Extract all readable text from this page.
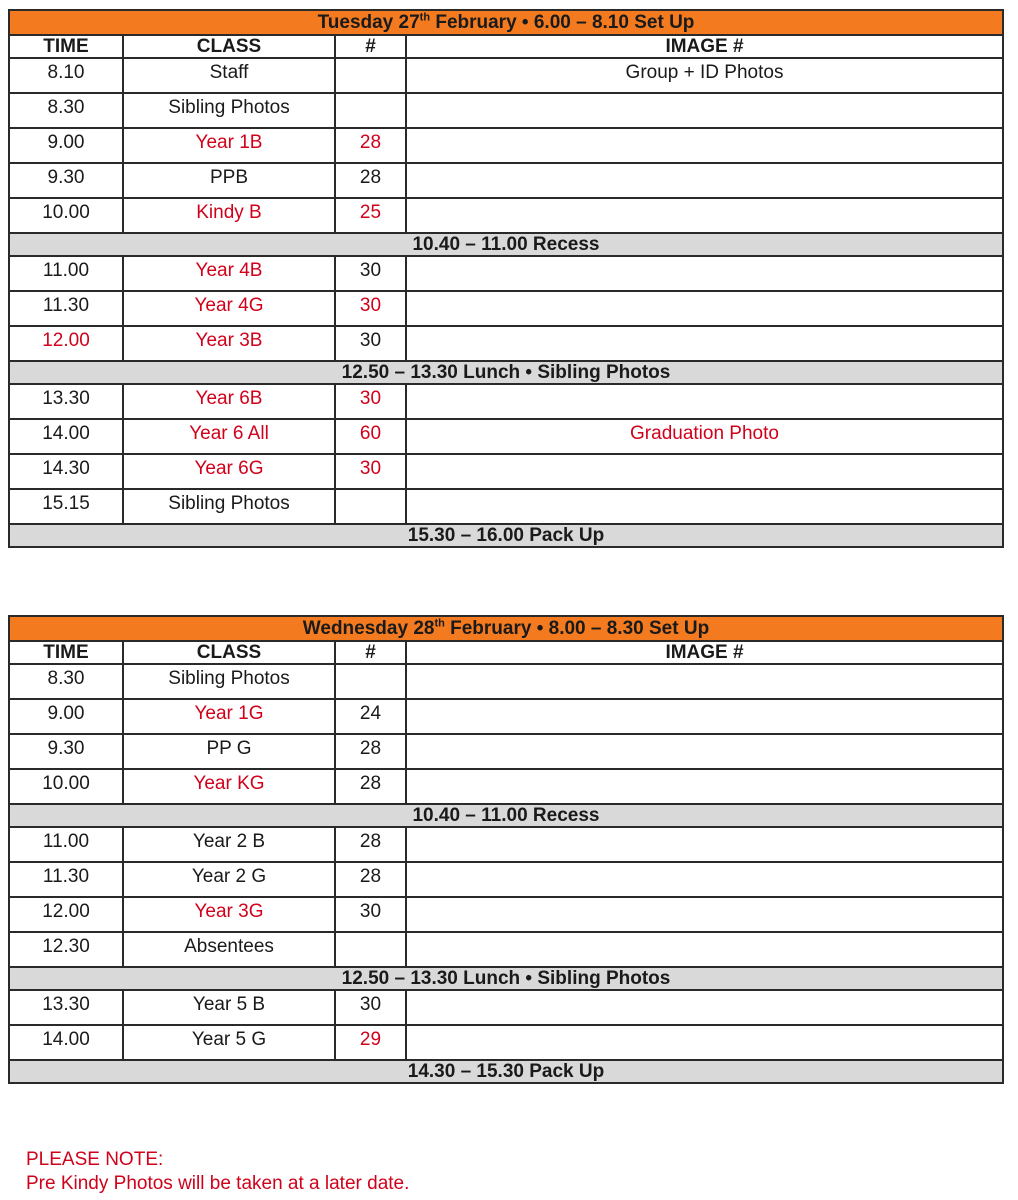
Tuesday 27th February • 6.00 – 8.10 Set Up			
TIME	CLASS	#	IMAGE #
8.10	Staff		Group + ID Photos
8.30	Sibling Photos		
9.00	Year 1B	28	
9.30	PPB	28	
10.00	Kindy B	25	
10.40 – 11.00 Recess			
11.00	Year 4B	30	
11.30	Year 4G	30	
12.00	Year 3B	30	
12.50 – 13.30 Lunch • Sibling Photos			
13.30	Year 6B	30	
14.00	Year 6 All	60	Graduation Photo
14.30	Year 6G	30	
15.15	Sibling Photos		
15.30 – 16.00 Pack Up			
Wednesday 28th February • 8.00 – 8.30 Set Up			
TIME	CLASS	#	IMAGE #
8.30	Sibling Photos		
9.00	Year 1G	24	
9.30	PP G	28	
10.00	Year KG	28	
10.40 – 11.00 Recess			
11.00	Year 2 B	28	
11.30	Year 2 G	28	
12.00	Year 3G	30	
12.30	Absentees		
12.50 – 13.30 Lunch • Sibling Photos			
13.30	Year 5 B	30	
14.00	Year 5 G	29	
14.30 – 15.30 Pack Up			
PLEASE NOTE:
Pre Kindy Photos will be taken at a later date.
